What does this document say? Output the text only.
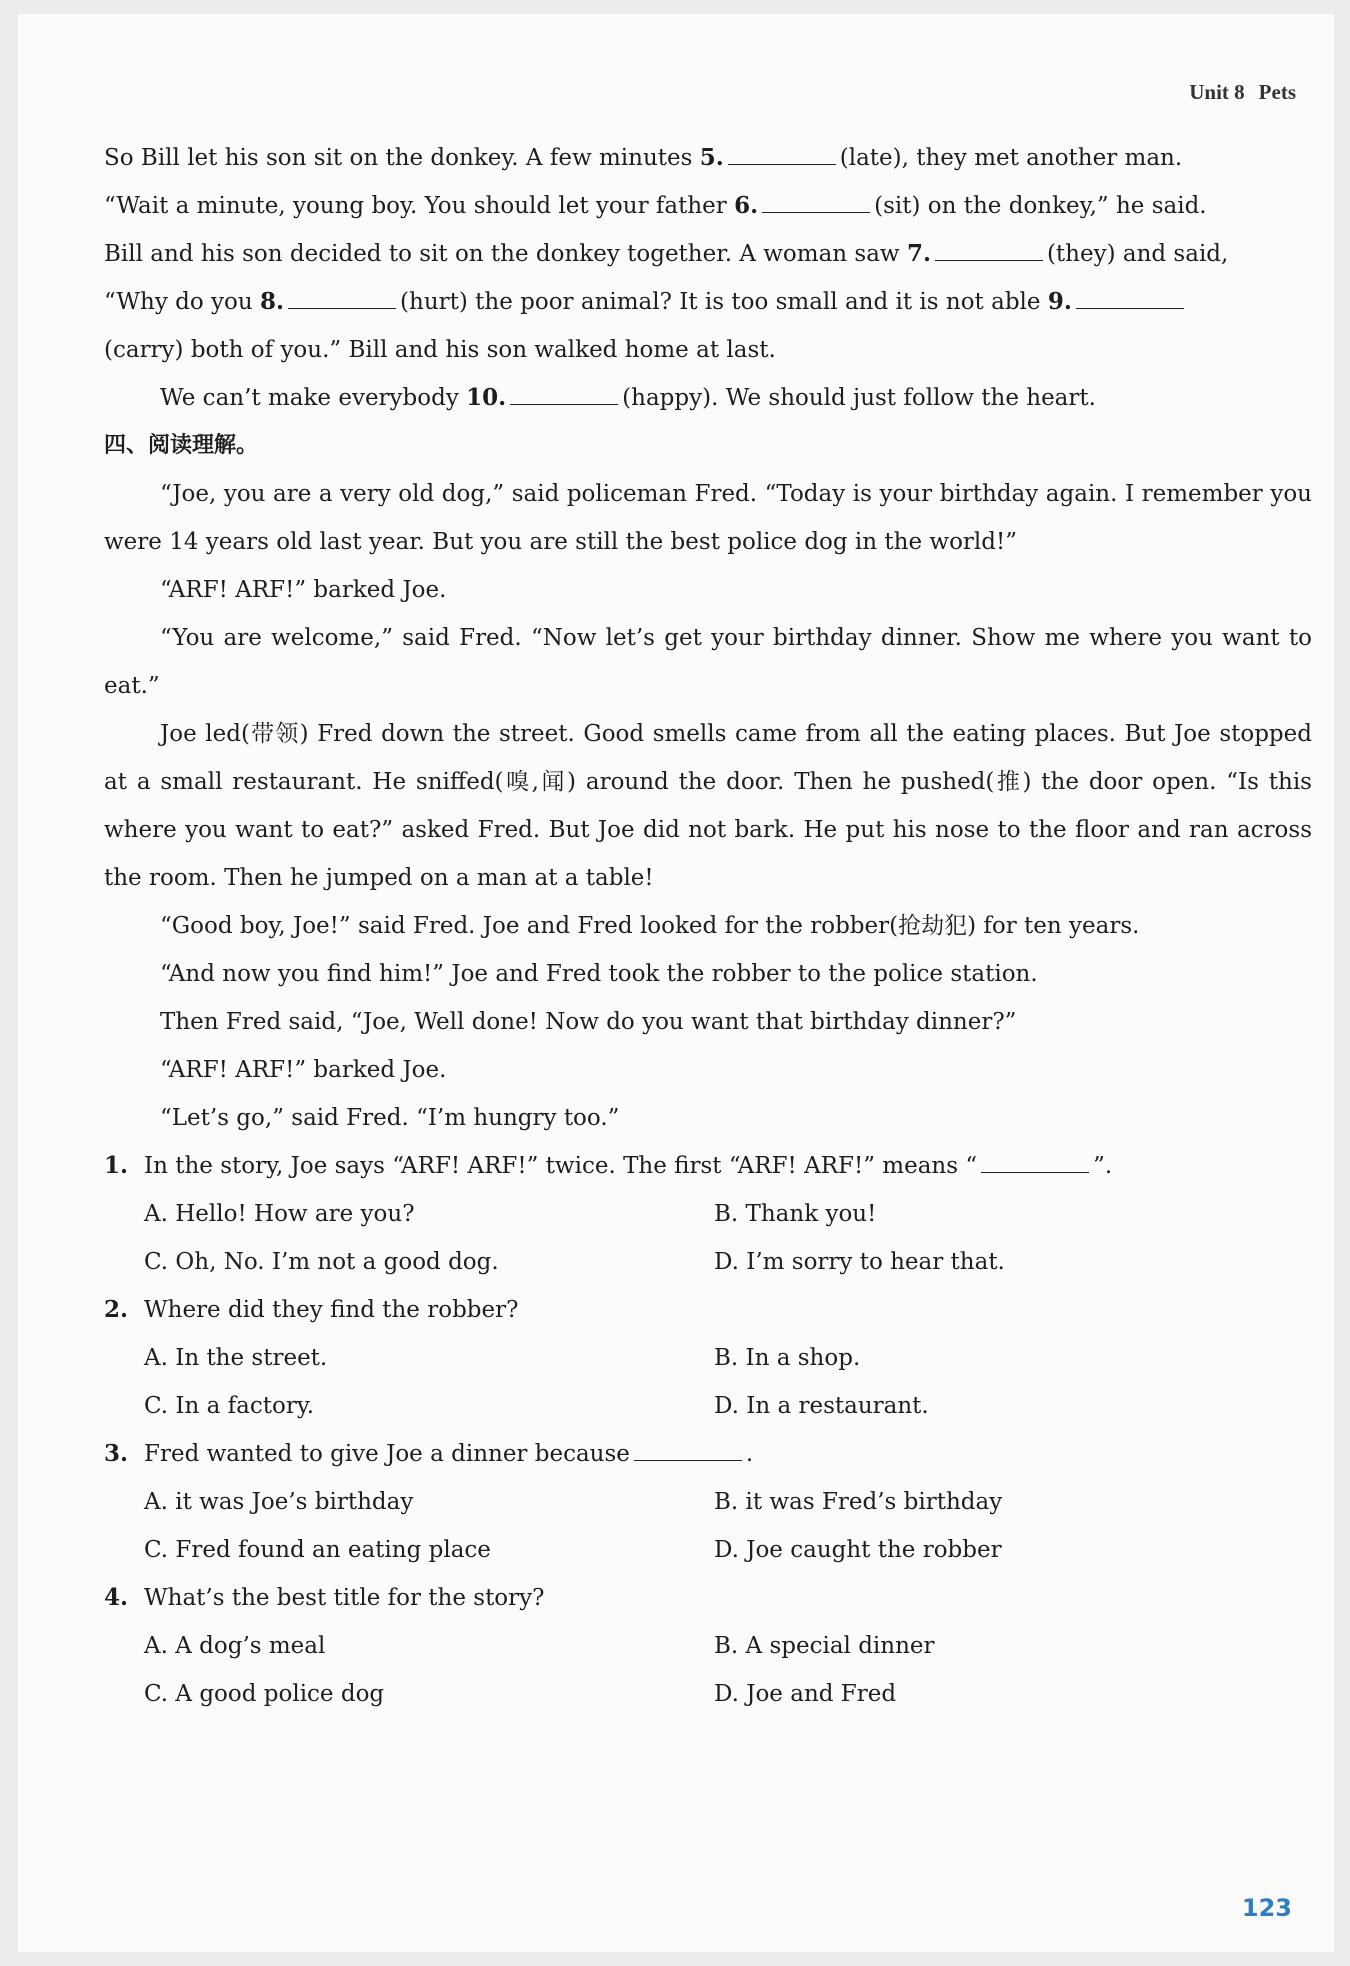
Unit 8 Pets

So Bill let his son sit on the donkey. A few minutes 5.	(late), they met another man.

“Wait a minute, young boy. You should let your father 6.	(sit) on the donkey,” he said.

Bill and his son decided to sit on the donkey together. A woman saw 7.	(they) and said,

“Why do you 8.	(hurt) the poor animal? It is too small and it is not able 9.

(carry) both of you.” Bill and his son walked home at last.

We can’t make everybody 10.	(happy). We should just follow the heart.

四、阅读理解。

“Joe, you are a very old dog,” said policeman Fred. “Today is your birthday again. I remember you were 14 years old last year. But you are still the best police dog in the world!”

“ARF! ARF!” barked Joe.

“You are welcome,” said Fred. “Now let’s get your birthday dinner. Show me where you want to eat.”

Joe led(带领) Fred down the street. Good smells came from all the eating places. But Joe stopped at a small restaurant. He sniffed(嗅,闻) around the door. Then he pushed(推) the door open. “Is this where you want to eat?” asked Fred. But Joe did not bark. He put his nose to the floor and ran across the room. Then he jumped on a man at a table!

“Good boy, Joe!” said Fred. Joe and Fred looked for the robber(抢劫犯) for ten years.

“And now you find him!” Joe and Fred took the robber to the police station.

Then Fred said, “Joe, Well done! Now do you want that birthday dinner?”

“ARF! ARF!” barked Joe.

“Let’s go,” said Fred. “I’m hungry too.”

1. In the story, Joe says “ARF! ARF!” twice. The first “ARF! ARF!” means “	”.

A. Hello! How are you?	B. Thank you!
C. Oh, No. I’m not a good dog.	D. I’m sorry to hear that.

2. Where did they find the robber?

A. In the street.	B. In a shop.
C. In a factory.	D. In a restaurant.

3. Fred wanted to give Joe a dinner because	.

A. it was Joe’s birthday	B. it was Fred’s birthday
C. Fred found an eating place	D. Joe caught the robber

4. What’s the best title for the story?

A. A dog’s meal	B. A special dinner
C. A good police dog	D. Joe and Fred
123
